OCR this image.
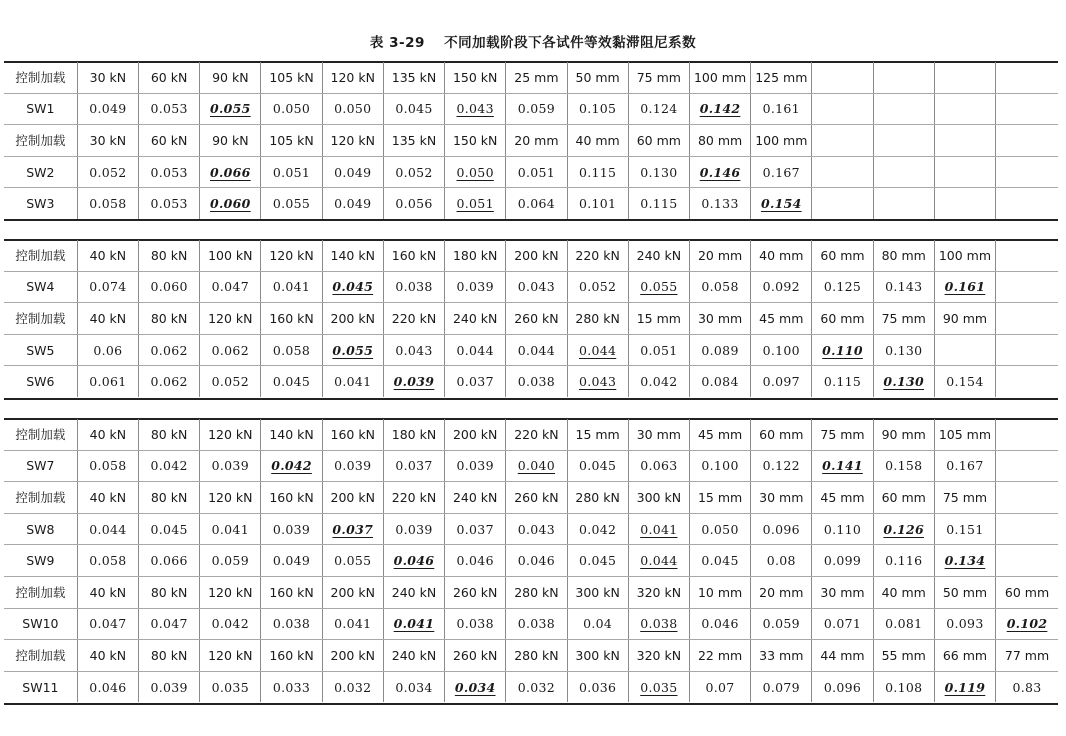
表 3-29 不同加载阶段下各试件等效黏滞阻尼系数
控制加载	30 kN	60 kN	90 kN	105 kN	120 kN	135 kN	150 kN	25 mm	50 mm	75 mm	100 mm	125 mm				
SW1	0.049	0.053	0.055	0.050	0.050	0.045	0.043	0.059	0.105	0.124	0.142	0.161				
控制加载	30 kN	60 kN	90 kN	105 kN	120 kN	135 kN	150 kN	20 mm	40 mm	60 mm	80 mm	100 mm				
SW2	0.052	0.053	0.066	0.051	0.049	0.052	0.050	0.051	0.115	0.130	0.146	0.167				
SW3	0.058	0.053	0.060	0.055	0.049	0.056	0.051	0.064	0.101	0.115	0.133	0.154				
控制加载	40 kN	80 kN	100 kN	120 kN	140 kN	160 kN	180 kN	200 kN	220 kN	240 kN	20 mm	40 mm	60 mm	80 mm	100 mm	
SW4	0.074	0.060	0.047	0.041	0.045	0.038	0.039	0.043	0.052	0.055	0.058	0.092	0.125	0.143	0.161	
控制加载	40 kN	80 kN	120 kN	160 kN	200 kN	220 kN	240 kN	260 kN	280 kN	15 mm	30 mm	45 mm	60 mm	75 mm	90 mm	
SW5	0.06	0.062	0.062	0.058	0.055	0.043	0.044	0.044	0.044	0.051	0.089	0.100	0.110	0.130		
SW6	0.061	0.062	0.052	0.045	0.041	0.039	0.037	0.038	0.043	0.042	0.084	0.097	0.115	0.130	0.154	
控制加载	40 kN	80 kN	120 kN	140 kN	160 kN	180 kN	200 kN	220 kN	15 mm	30 mm	45 mm	60 mm	75 mm	90 mm	105 mm	
SW7	0.058	0.042	0.039	0.042	0.039	0.037	0.039	0.040	0.045	0.063	0.100	0.122	0.141	0.158	0.167	
控制加载	40 kN	80 kN	120 kN	160 kN	200 kN	220 kN	240 kN	260 kN	280 kN	300 kN	15 mm	30 mm	45 mm	60 mm	75 mm	
SW8	0.044	0.045	0.041	0.039	0.037	0.039	0.037	0.043	0.042	0.041	0.050	0.096	0.110	0.126	0.151	
SW9	0.058	0.066	0.059	0.049	0.055	0.046	0.046	0.046	0.045	0.044	0.045	0.08	0.099	0.116	0.134	
控制加载	40 kN	80 kN	120 kN	160 kN	200 kN	240 kN	260 kN	280 kN	300 kN	320 kN	10 mm	20 mm	30 mm	40 mm	50 mm	60 mm
SW10	0.047	0.047	0.042	0.038	0.041	0.041	0.038	0.038	0.04	0.038	0.046	0.059	0.071	0.081	0.093	0.102
控制加载	40 kN	80 kN	120 kN	160 kN	200 kN	240 kN	260 kN	280 kN	300 kN	320 kN	22 mm	33 mm	44 mm	55 mm	66 mm	77 mm
SW11	0.046	0.039	0.035	0.033	0.032	0.034	0.034	0.032	0.036	0.035	0.07	0.079	0.096	0.108	0.119	0.83
